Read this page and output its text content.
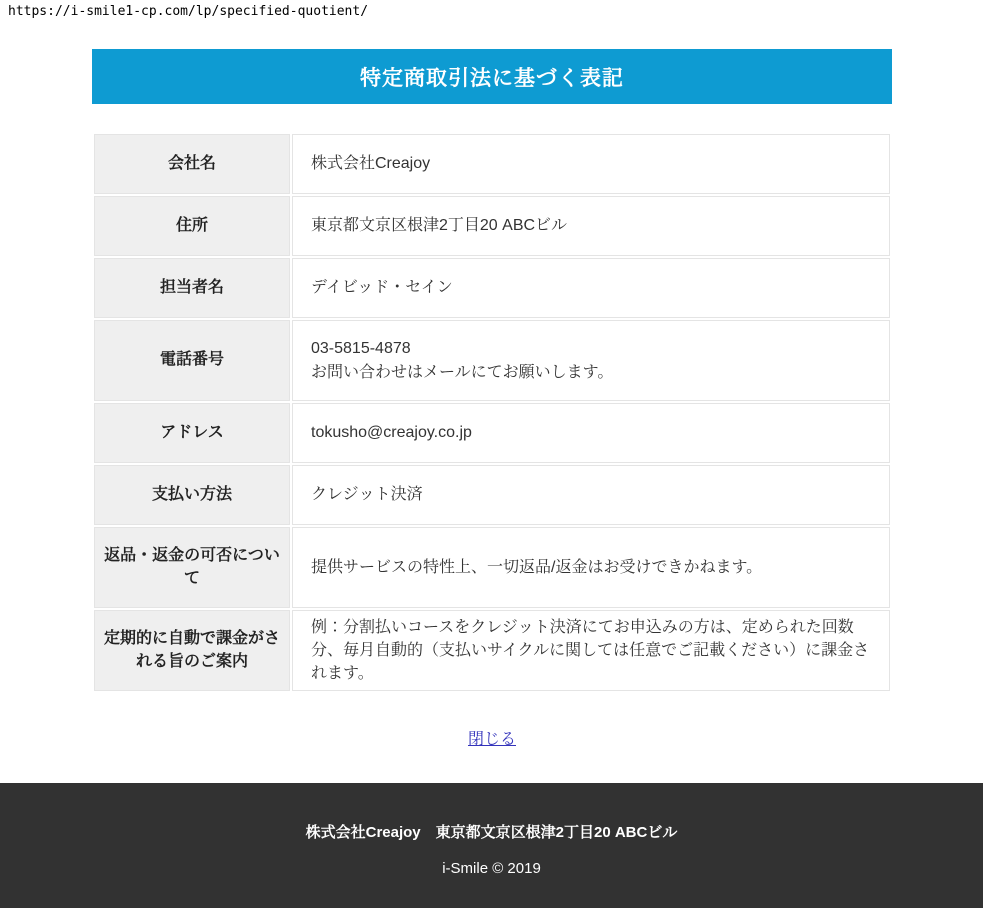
https://i-smile1-cp.com/lp/specified-quotient/
特定商取引法に基づく表記
会社名	株式会社Creajoy
住所	東京都文京区根津2丁目20 ABCビル
担当者名	デイビッド・セイン
電話番号	03-5815-4878
お問い合わせはメールにてお願いします。

アドレス	tokusho@creajoy.co.jp
支払い方法	クレジット決済
返品・返金の可否について	提供サービスの特性上、一切返品/返金はお受けできかねます。
定期的に自動で課金がされる旨のご案内	例：分割払いコースをクレジット決済にてお申込みの方は、定められた回数分、毎月自動的（支払いサイクルに関しては任意でご記載ください）に課金されます。
閉じる

株式会社Creajoy　東京都文京区根津2丁目20 ABCビル

i-Smile © 2019
